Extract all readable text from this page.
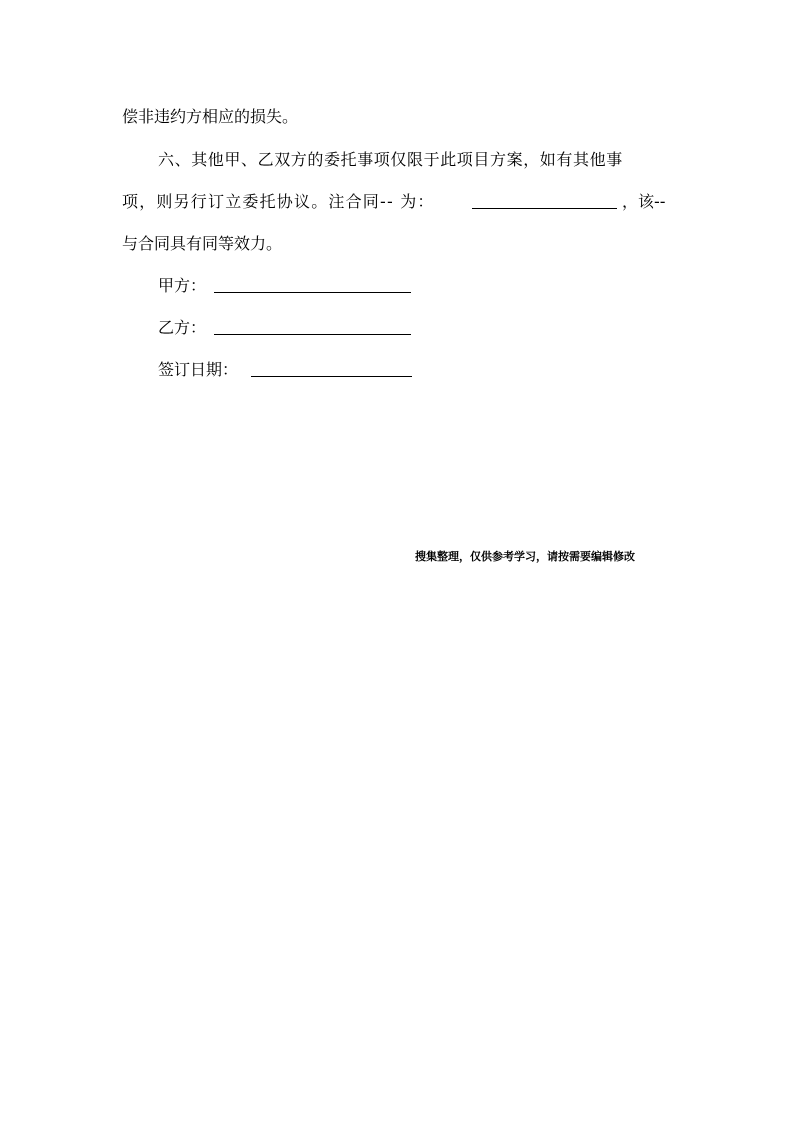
偿非违约方相应的损失。
六、其他甲、乙双方的委托事项仅限于此项目方案，如有其他事
项，则另行订立委托协议。注合同-- 为：	，该--
与合同具有同等效力。
甲方：
乙方：
签订日期：
搜集整理，仅供参考学习，请按需要编辑修改
